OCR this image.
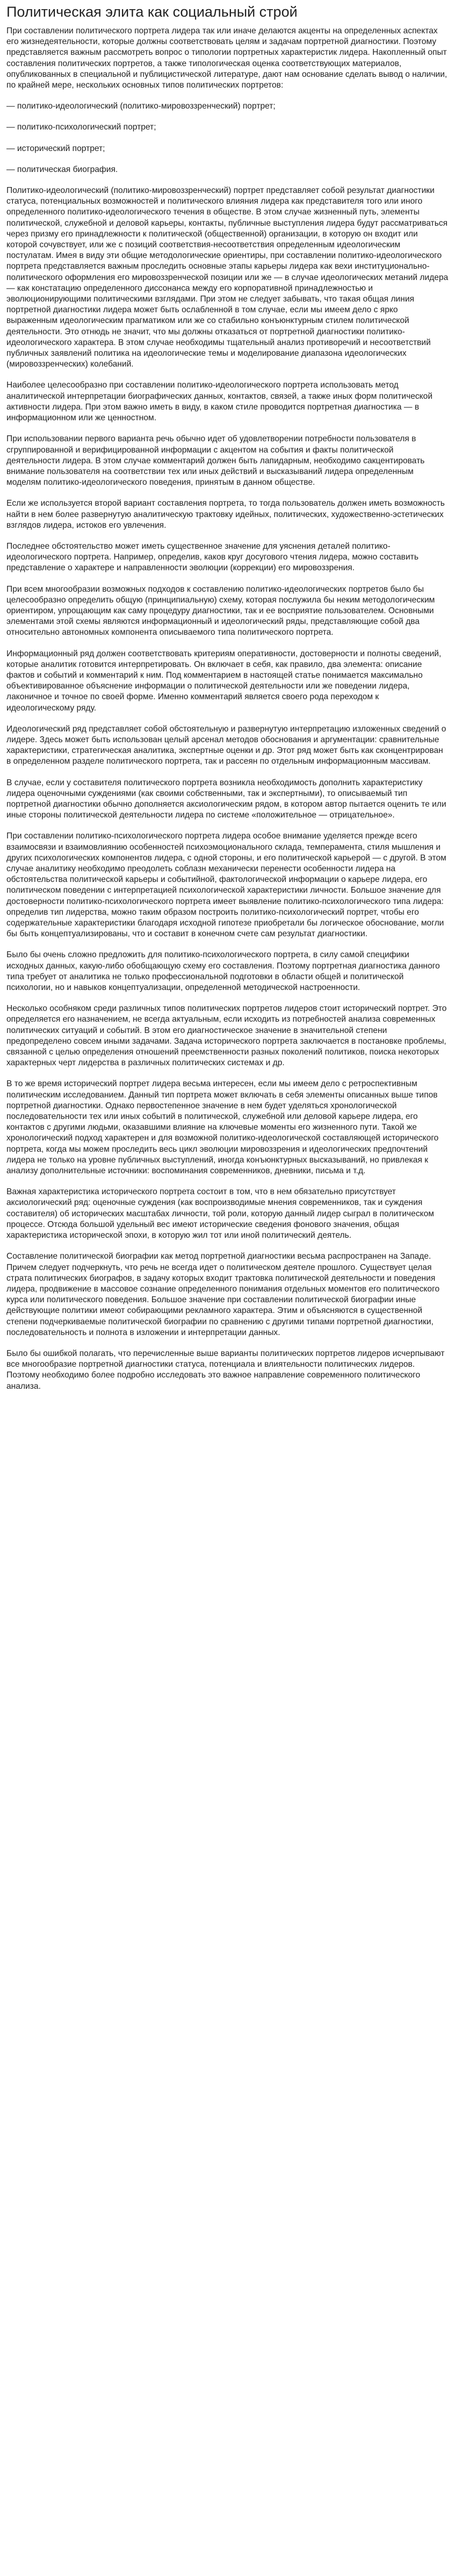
Политическая элита как социальный строй

При составлении политического портрета лидера так или иначе делаются акценты на определенных аспектах его жизнедеятельности, которые должны соответствовать целям и задачам портретной диагностики. Поэтому представляется важным рассмотреть вопрос о типологии портретных характеристик лидера. Накопленный опыт составления политических портретов, а также типологическая оценка соответствующих материалов, опубликованных в специальной и публицистической литературе, дают нам основание сделать вывод о наличии, по крайней мере, нескольких основных типов политических портретов:

— политико-идеологический (политико-мировоззренческий) портрет;

— политико-психологический портрет;

— исторический портрет;

— политическая биография.

Политико-идеологический (политико-мировоззренческий) портрет представляет собой результат диагностики статуса, потенциальных возможностей и политического влияния лидера как представителя того или иного определенного политико-идеологического течения в обществе. В этом случае жизненный путь, элементы политической, служебной и деловой карьеры, контакты, публичные выступления лидера будут рассматриваться через призму его принадлежности к политической (общественной) организации, в которую он входит или которой сочувствует, или же с позиций соответствия-несоответствия определенным идеологическим постулатам. Имея в виду эти общие методологические ориентиры, при составлении политико-идеологического портрета представляется важным проследить основные этапы карьеры лидера как вехи институционально-политического оформления его мировоззренческой позиции или же — в случае идеологических метаний лидера — как констатацию определенного диссонанса между его корпоративной принадлежностью и эволюционирующими политическими взглядами. При этом не следует забывать, что такая общая линия портретной диагностики лидера может быть ослабленной в том случае, если мы имеем дело с ярко выраженным идеологическим прагматиком или же со стабильно конъюнктурным стилем политической деятельности. Это отнюдь не значит, что мы должны отказаться от портретной диагностики политико-идеологического характера. В этом случае необходимы тщательный анализ противоречий и несоответствий публичных заявлений политика на идеологические темы и моделирование диапазона идеологических (мировоззренческих) колебаний.

Наиболее целесообразно при составлении политико-идеологического портрета использовать метод аналитической интерпретации биографических данных, контактов, связей, а также иных форм политической активности лидера. При этом важно иметь в виду, в каком стиле проводится портретная диагностика — в информационном или же ценностном.

При использовании первого варианта речь обычно идет об удовлетворении потребности пользователя в сгруппированной и верифицированной информации с акцентом на события и факты политической деятельности лидера. В этом случае комментарий должен быть лапидарным, необходимо сакцентировать внимание пользователя на соответствии тех или иных действий и высказываний лидера определенным моделям политико-идеологического поведения, принятым в данном обществе.

Если же используется второй вариант составления портрета, то тогда пользователь должен иметь возможность найти в нем более развернутую аналитическую трактовку идейных, политических, художественно-эстетических взглядов лидера, истоков его увлечения.

Последнее обстоятельство может иметь существенное значение для уяснения деталей политико-идеологического портрета. Например, определив, каков круг досугового чтения лидера, можно составить представление о характере и направленности эволюции (коррекции) его мировоззрения.

При всем многообразии возможных подходов к составлению политико-идеологических портретов было бы целесообразно определить общую (принципиальную) схему, которая послужила бы неким методологическим ориентиром, упрощающим как саму процедуру диагностики, так и ее восприятие пользователем. Основными элементами этой схемы являются информационный и идеологический ряды, представляющие собой два относительно автономных компонента описываемого типа политического портрета.

Информационный ряд должен соответствовать критериям оперативности, достоверности и полноты сведений, которые аналитик готовится интерпретировать. Он включает в себя, как правило, два элемента: описание фактов и событий и комментарий к ним. Под комментарием в настоящей статье понимается максимально объективированное объяснение информации о политической деятельности или же поведении лидера, лаконичное и точное по своей форме. Именно комментарий является своего рода переходом к идеологическому ряду.

Идеологический ряд представляет собой обстоятельную и развернутую интерпретацию изложенных сведений о лидере. Здесь может быть использован целый арсенал методов обоснования и аргументации: сравнительные характеристики, стратегическая аналитика, экспертные оценки и др. Этот ряд может быть как сконцентрирован в определенном разделе политического портрета, так и рассеян по отдельным информационным массивам.

В случае, если у составителя политического портрета возникла необходимость дополнить характеристику лидера оценочными суждениями (как своими собственными, так и экспертными), то описываемый тип портретной диагностики обычно дополняется аксиологическим рядом, в котором автор пытается оценить те или иные стороны политической деятельности лидера по системе «положительное — отрицательное».

При составлении политико-психологического портрета лидера особое внимание уделяется прежде всего взаимосвязи и взаимовлиянию особенностей психоэмоционального склада, темперамента, стиля мышления и других психологических компонентов лидера, с одной стороны, и его политической карьерой — с другой. В этом случае аналитику необходимо преодолеть соблазн механически перенести особенности лидера на обстоятельства политической карьеры и событийной, фактологической информации о карьере лидера, его политическом поведении с интерпретацией психологической характеристики личности. Большое значение для достоверности политико-психологического портрета имеет выявление политико-психологического типа лидера: определив тип лидерства, можно таким образом построить политико-психологический портрет, чтобы его содержательные характеристики благодаря исходной гипотезе приобретали бы логическое обоснование, могли бы быть концептуализированы, что и составит в конечном счете сам результат диагностики.

Было бы очень сложно предложить для политико-психологического портрета, в силу самой специфики исходных данных, какую-либо обобщающую схему его составления. Поэтому портретная диагностика данного типа требует от аналитика не только профессиональной подготовки в области общей и политической психологии, но и навыков концептуализации, определенной методической настроенности.

Несколько особняком среди различных типов политических портретов лидеров стоит исторический портрет. Это определяется его назначением, не всегда актуальным, если исходить из потребностей анализа современных политических ситуаций и событий. В этом его диагностическое значение в значительной степени предопределено совсем иными задачами. Задача исторического портрета заключается в постановке проблемы, связанной с целью определения отношений преемственности разных поколений политиков, поиска некоторых характерных черт лидерства в различных политических системах и др.

В то же время исторический портрет лидера весьма интересен, если мы имеем дело с ретроспективным политическим исследованием. Данный тип портрета может включать в себя элементы описанных выше типов портретной диагностики. Однако первостепенное значение в нем будет уделяться хронологической последовательности тех или иных событий в политической, служебной или деловой карьере лидера, его контактов с другими людьми, оказавшими влияние на ключевые моменты его жизненного пути. Такой же хронологический подход характерен и для возможной политико-идеологической составляющей исторического портрета, когда мы можем проследить весь цикл эволюции мировоззрения и идеологических предпочтений лидера не только на уровне публичных выступлений, иногда конъюнктурных высказываний, но привлекая к анализу дополнительные источники: воспоминания современников, дневники, письма и т.д.

Важная характеристика исторического портрета состоит в том, что в нем обязательно присутствует аксиологический ряд: оценочные суждения (как воспроизводимые мнения современников, так и суждения составителя) об исторических масштабах личности, той роли, которую данный лидер сыграл в политическом процессе. Отсюда большой удельный вес имеют исторические сведения фонового значения, общая характеристика исторической эпохи, в которую жил тот или иной политический деятель.

Составление политической биографии как метод портретной диагностики весьма распространен на Западе. Причем следует подчеркнуть, что речь не всегда идет о политическом деятеле прошлого. Существует целая страта политических биографов, в задачу которых входит трактовка политической деятельности и поведения лидера, продвижение в массовое сознание определенного понимания отдельных моментов его политического курса или политического поведения. Большое значение при составлении политической биографии иные действующие политики имеют собирающими рекламного характера. Этим и объясняются в существенной степени подчеркиваемые политической биографии по сравнению с другими типами портретной диагностики, последовательность и полнота в изложении и интерпретации данных.

Было бы ошибкой полагать, что перечисленные выше варианты политических портретов лидеров исчерпывают все многообразие портретной диагностики статуса, потенциала и влиятельности политических лидеров. Поэтому необходимо более подробно исследовать это важное направление современного политического анализа.
